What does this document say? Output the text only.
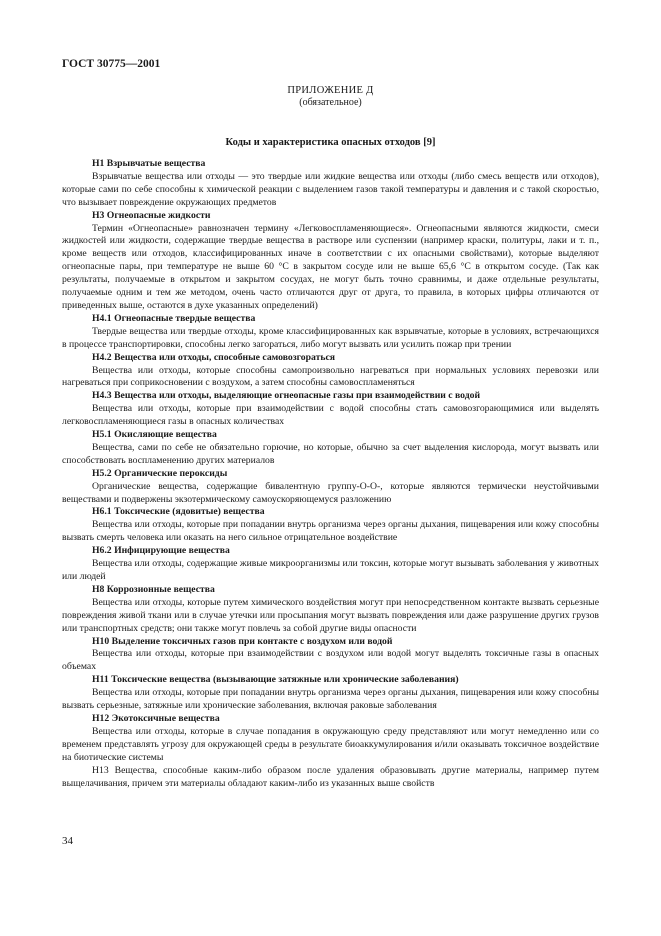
ГОСТ 30775—2001
ПРИЛОЖЕНИЕ Д
(обязательное)
Коды и характеристика опасных отходов [9]
Н1 Взрывчатые вещества
Взрывчатые вещества или отходы — это твердые или жидкие вещества или отходы (либо смесь веществ или отходов), которые сами по себе способны к химической реакции с выделением газов такой температуры и давления и с такой скоростью, что вызывает повреждение окружающих предметов
Н3 Огнеопасные жидкости
Термин «Огнеопасные» равнозначен термину «Легковоспламеняющиеся». Огнеопасными являются жидкости, смеси жидкостей или жидкости, содержащие твердые вещества в растворе или суспензии (например краски, политуры, лаки и т. п., кроме веществ или отходов, классифицированных иначе в соответствии с их опасными свойствами), которые выделяют огнеопасные пары, при температуре не выше 60 °С в закрытом сосуде или не выше 65,6 °С в открытом сосуде. (Так как результаты, получаемые в открытом и закрытом сосудах, не могут быть точно сравнимы, и даже отдельные результаты, получаемые одним и тем же методом, очень часто отличаются друг от друга, то правила, в которых цифры отличаются от приведенных выше, остаются в духе указанных определений)
Н4.1 Огнеопасные твердые вещества
Твердые вещества или твердые отходы, кроме классифицированных как взрывчатые, которые в условиях, встречающихся в процессе транспортировки, способны легко загораться, либо могут вызвать или усилить пожар при трении
Н4.2 Вещества или отходы, способные самовозгораться
Вещества или отходы, которые способны самопроизвольно нагреваться при нормальных условиях перевозки или нагреваться при соприкосновении с воздухом, а затем способны самовоспламеняться
Н4.3 Вещества или отходы, выделяющие огнеопасные газы при взаимодействии с водой
Вещества или отходы, которые при взаимодействии с водой способны стать самовозгорающимися или выделять легковоспламеняющиеся газы в опасных количествах
Н5.1 Окисляющие вещества
Вещества, сами по себе не обязательно горючие, но которые, обычно за счет выделения кислорода, могут вызвать или способствовать воспламенению других материалов
Н5.2 Органические пероксиды
Органические вещества, содержащие бивалентную группу-О-О-, которые являются термически неустойчивыми веществами и подвержены экзотермическому самоускоряющемуся разложению
Н6.1 Токсические (ядовитые) вещества
Вещества или отходы, которые при попадании внутрь организма через органы дыхания, пищеварения или кожу способны вызвать смерть человека или оказать на него сильное отрицательное воздействие
Н6.2 Инфицирующие вещества
Вещества или отходы, содержащие живые микроорганизмы или токсин, которые могут вызывать заболевания у животных или людей
Н8 Коррозионные вещества
Вещества или отходы, которые путем химического воздействия могут при непосредственном контакте вызвать серьезные повреждения живой ткани или в случае утечки или просыпания могут вызвать повреждения или даже разрушение других грузов или транспортных средств; они также могут повлечь за собой другие виды опасности
Н10 Выделение токсичных газов при контакте с воздухом или водой
Вещества или отходы, которые при взаимодействии с воздухом или водой могут выделять токсичные газы в опасных объемах
Н11 Токсические вещества (вызывающие затяжные или хронические заболевания)
Вещества или отходы, которые при попадании внутрь организма через органы дыхания, пищеварения или кожу способны вызвать серьезные, затяжные или хронические заболевания, включая раковые заболевания
Н12 Экотоксичные вещества
Вещества или отходы, которые в случае попадания в окружающую среду представляют или могут немедленно или со временем представлять угрозу для окружающей среды в результате биоаккумулирования и/или оказывать токсичное воздействие на биотические системы
Н13 Вещества, способные каким-либо образом после удаления образовывать другие материалы, например путем выщелачивания, причем эти материалы обладают каким-либо из указанных выше свойств
34
